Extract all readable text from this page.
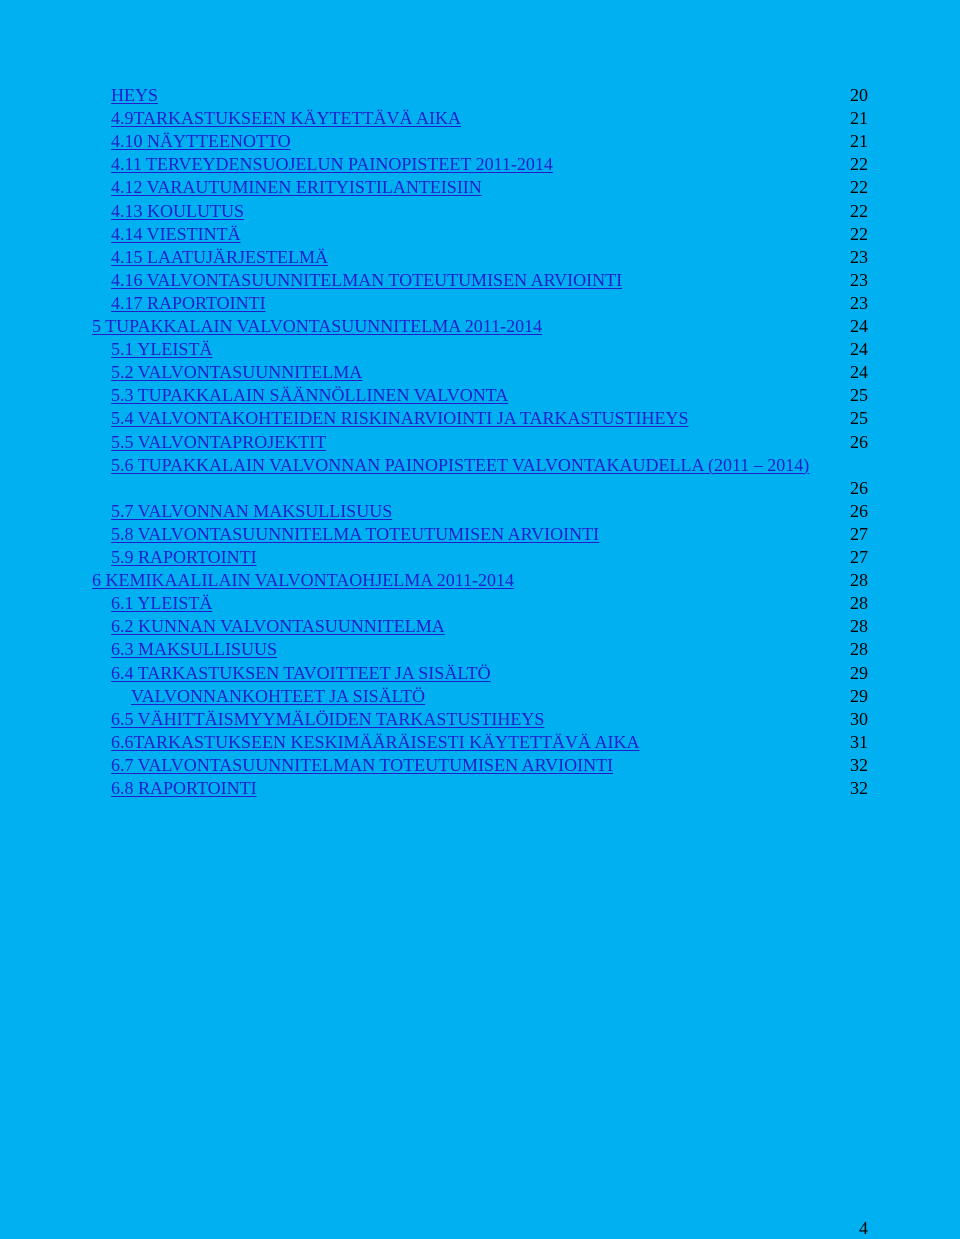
HEYS	20
4.9TARKASTUKSEEN KÄYTETTÄVÄ AIKA	21
4.10 NÄYTTEENOTTO	21
4.11 TERVEYDENSUOJELUN PAINOPISTEET 2011-2014	22
4.12 VARAUTUMINEN ERITYISTILANTEISIIN	22
4.13 KOULUTUS	22
4.14 VIESTINTÄ	22
4.15 LAATUJÄRJESTELMÄ	23
4.16 VALVONTASUUNNITELMAN TOTEUTUMISEN ARVIOINTI	23
4.17 RAPORTOINTI	23
5 TUPAKKALAIN VALVONTASUUNNITELMA 2011-2014	24
5.1 YLEISTÄ	24
5.2 VALVONTASUUNNITELMA	24
5.3 TUPAKKALAIN SÄÄNNÖLLINEN VALVONTA	25
5.4 VALVONTAKOHTEIDEN RISKINARVIOINTI JA TARKASTUSTIHEYS	25
5.5 VALVONTAPROJEKTIT	26
5.6 TUPAKKALAIN VALVONNAN PAINOPISTEET VALVONTAKAUDELLA (2011 – 2014)
26
5.7 VALVONNAN MAKSULLISUUS	26
5.8 VALVONTASUUNNITELMA TOTEUTUMISEN ARVIOINTI	27
5.9 RAPORTOINTI	27
6 KEMIKAALILAIN VALVONTAOHJELMA 2011-2014	28
6.1 YLEISTÄ	28
6.2 KUNNAN VALVONTASUUNNITELMA	28
6.3 MAKSULLISUUS	28
6.4 TARKASTUKSEN TAVOITTEET JA SISÄLTÖ	29
VALVONNANKOHTEET JA SISÄLTÖ	29
6.5 VÄHITTÄISMYYMÄLÖIDEN TARKASTUSTIHEYS	30
6.6TARKASTUKSEEN KESKIMÄÄRÄISESTI KÄYTETTÄVÄ AIKA	31
6.7 VALVONTASUUNNITELMAN TOTEUTUMISEN ARVIOINTI	32
6.8 RAPORTOINTI	32
4
